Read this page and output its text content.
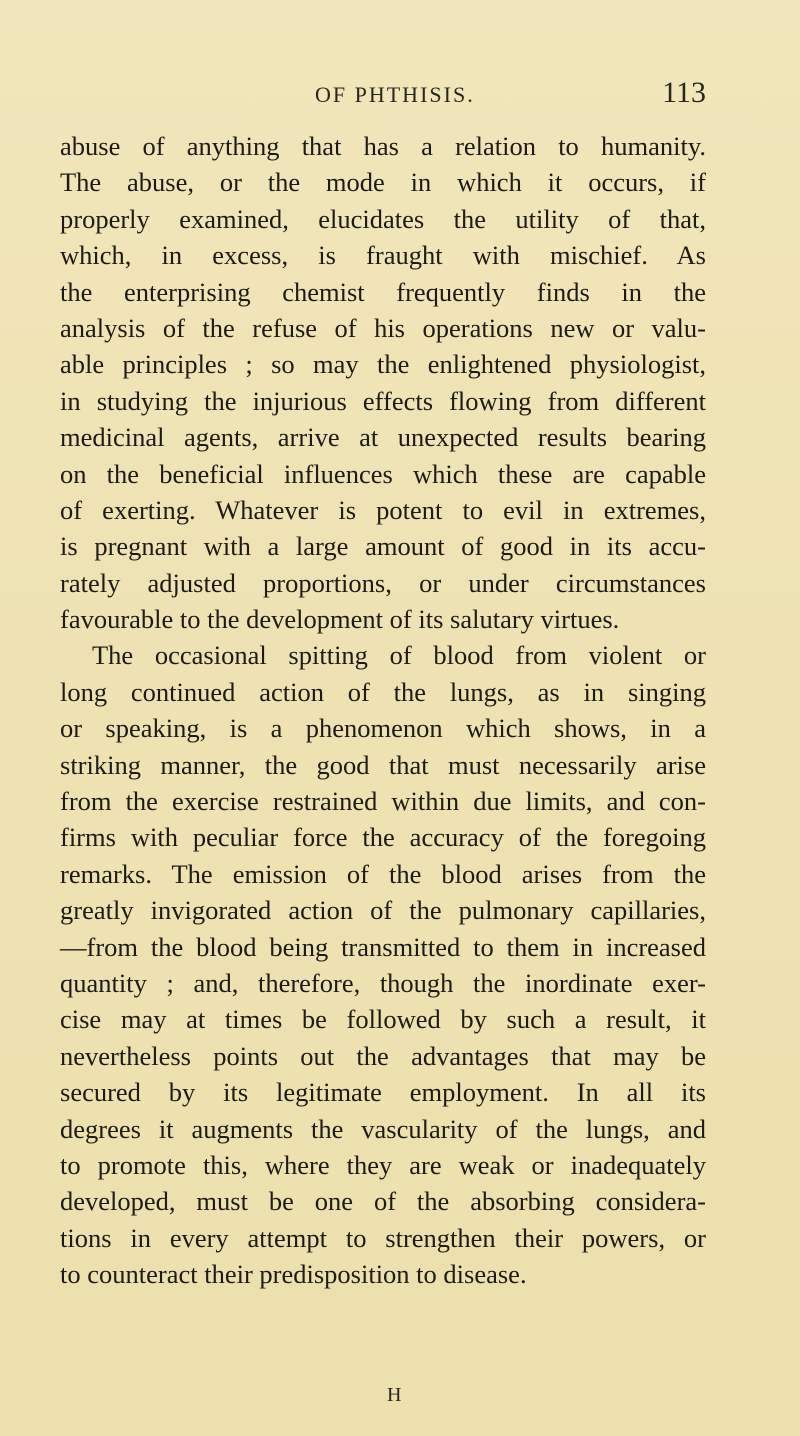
OF PHTHISIS.	113
abuse of anything that has a relation to humanity.
The abuse, or the mode in which it occurs, if
properly examined, elucidates the utility of that,
which, in excess, is fraught with mischief. As
the enterprising chemist frequently finds in the
analysis of the refuse of his operations new or valu-
able principles ; so may the enlightened physiologist,
in studying the injurious effects flowing from different
medicinal agents, arrive at unexpected results bearing
on the beneficial influences which these are capable
of exerting. Whatever is potent to evil in extremes,
is pregnant with a large amount of good in its accu-
rately adjusted proportions, or under circumstances
favourable to the development of its salutary virtues.
The occasional spitting of blood from violent or
long continued action of the lungs, as in singing
or speaking, is a phenomenon which shows, in a
striking manner, the good that must necessarily arise
from the exercise restrained within due limits, and con-
firms with peculiar force the accuracy of the foregoing
remarks. The emission of the blood arises from the
greatly invigorated action of the pulmonary capillaries,
—from the blood being transmitted to them in increased
quantity ; and, therefore, though the inordinate exer-
cise may at times be followed by such a result, it
nevertheless points out the advantages that may be
secured by its legitimate employment. In all its
degrees it augments the vascularity of the lungs, and
to promote this, where they are weak or inadequately
developed, must be one of the absorbing considera-
tions in every attempt to strengthen their powers, or
to counteract their predisposition to disease.
H
